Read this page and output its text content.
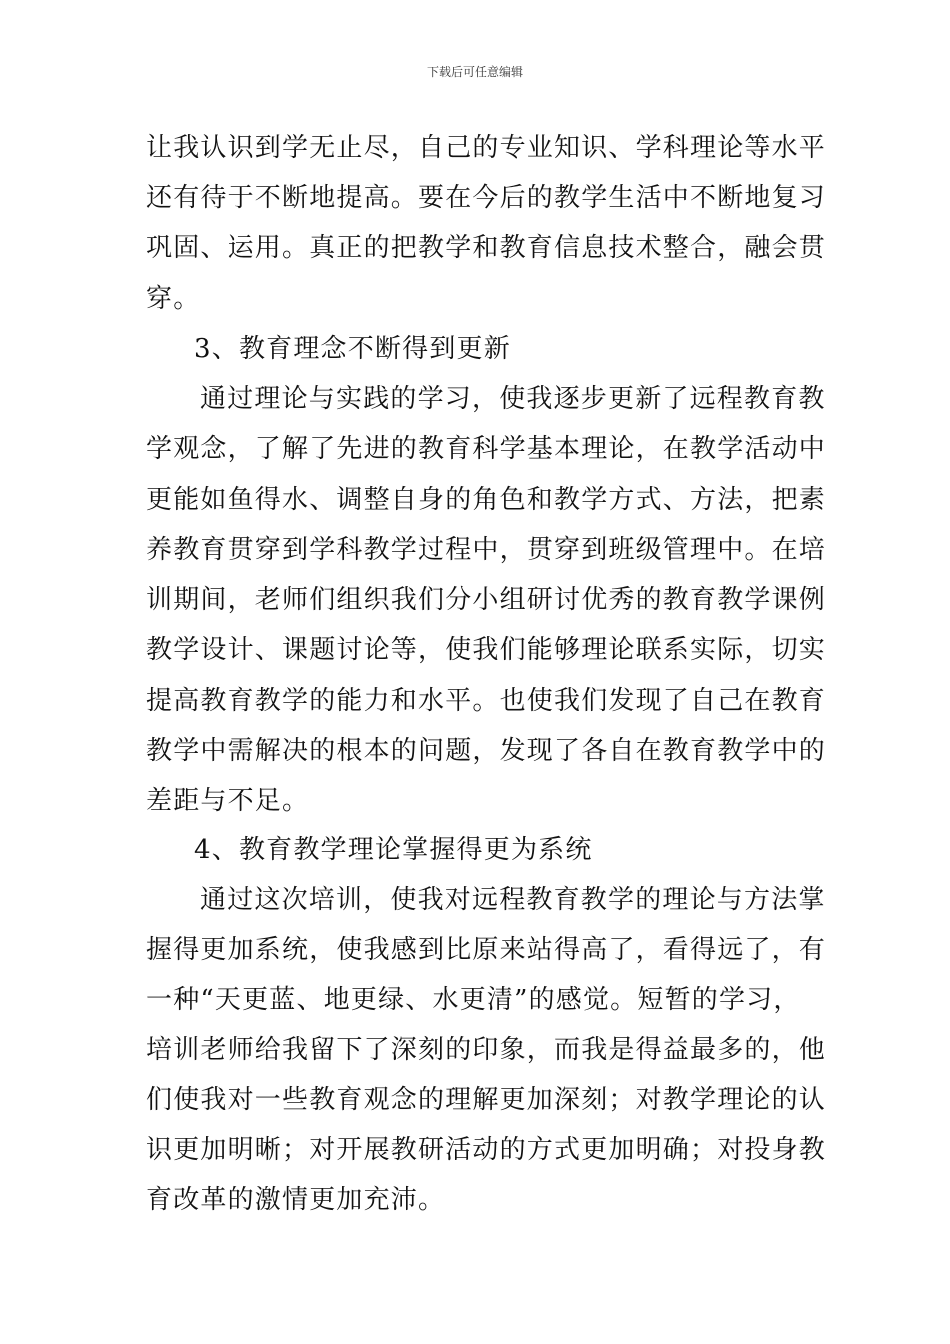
下载后可任意编辑
让我认识到学无止尽，自己的专业知识、学科理论等水平
还有待于不断地提高。要在今后的教学生活中不断地复习
巩固、运用。真正的把教学和教育信息技术整合，融会贯
穿。
3、教育理念不断得到更新
通过理论与实践的学习，使我逐步更新了远程教育教
学观念，了解了先进的教育科学基本理论，在教学活动中
更能如鱼得水、调整自身的角色和教学方式、方法，把素
养教育贯穿到学科教学过程中，贯穿到班级管理中。在培
训期间，老师们组织我们分小组研讨优秀的教育教学课例
教学设计、课题讨论等，使我们能够理论联系实际，切实
提高教育教学的能力和水平。也使我们发现了自己在教育
教学中需解决的根本的问题，发现了各自在教育教学中的
差距与不足。
4、教育教学理论掌握得更为系统
通过这次培训，使我对远程教育教学的理论与方法掌
握得更加系统，使我感到比原来站得高了，看得远了，有
一种“天更蓝、地更绿、水更清”的感觉。短暂的学习，
培训老师给我留下了深刻的印象，而我是得益最多的，他
们使我对一些教育观念的理解更加深刻；对教学理论的认
识更加明晰；对开展教研活动的方式更加明确；对投身教
育改革的激情更加充沛。
